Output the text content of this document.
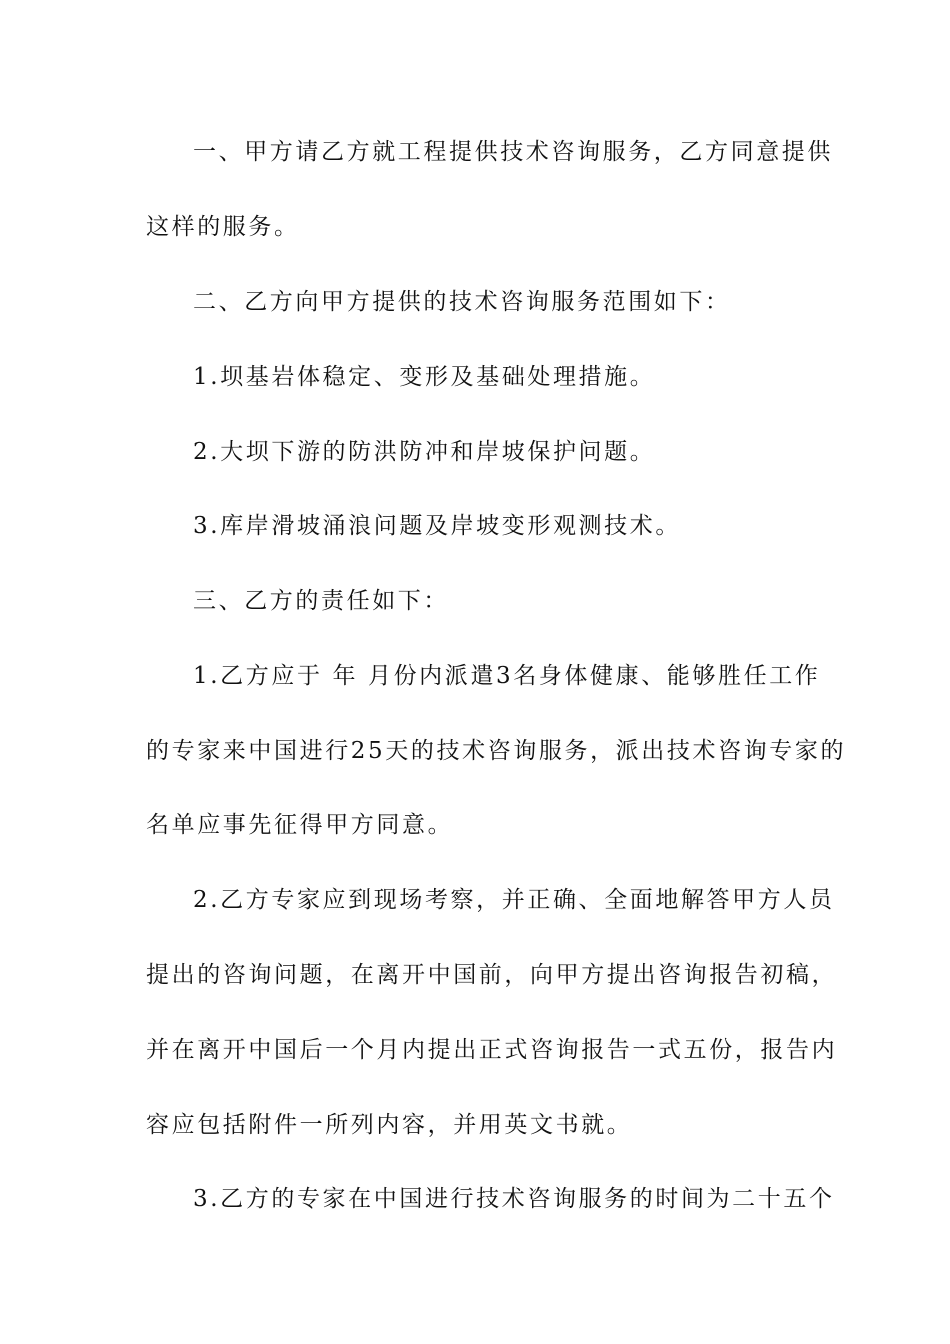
一、甲方请乙方就工程提供技术咨询服务，乙方同意提供
这样的服务。
二、乙方向甲方提供的技术咨询服务范围如下：
1.坝基岩体稳定、变形及基础处理措施。
2.大坝下游的防洪防冲和岸坡保护问题。
3.库岸滑坡涌浪问题及岸坡变形观测技术。
三、乙方的责任如下：
1.乙方应于 年 月份内派遣3名身体健康、能够胜任工作
的专家来中国进行25天的技术咨询服务，派出技术咨询专家的
名单应事先征得甲方同意。
2.乙方专家应到现场考察，并正确、全面地解答甲方人员
提出的咨询问题，在离开中国前，向甲方提出咨询报告初稿，
并在离开中国后一个月内提出正式咨询报告一式五份，报告内
容应包括附件一所列内容，并用英文书就。
3.乙方的专家在中国进行技术咨询服务的时间为二十五个
